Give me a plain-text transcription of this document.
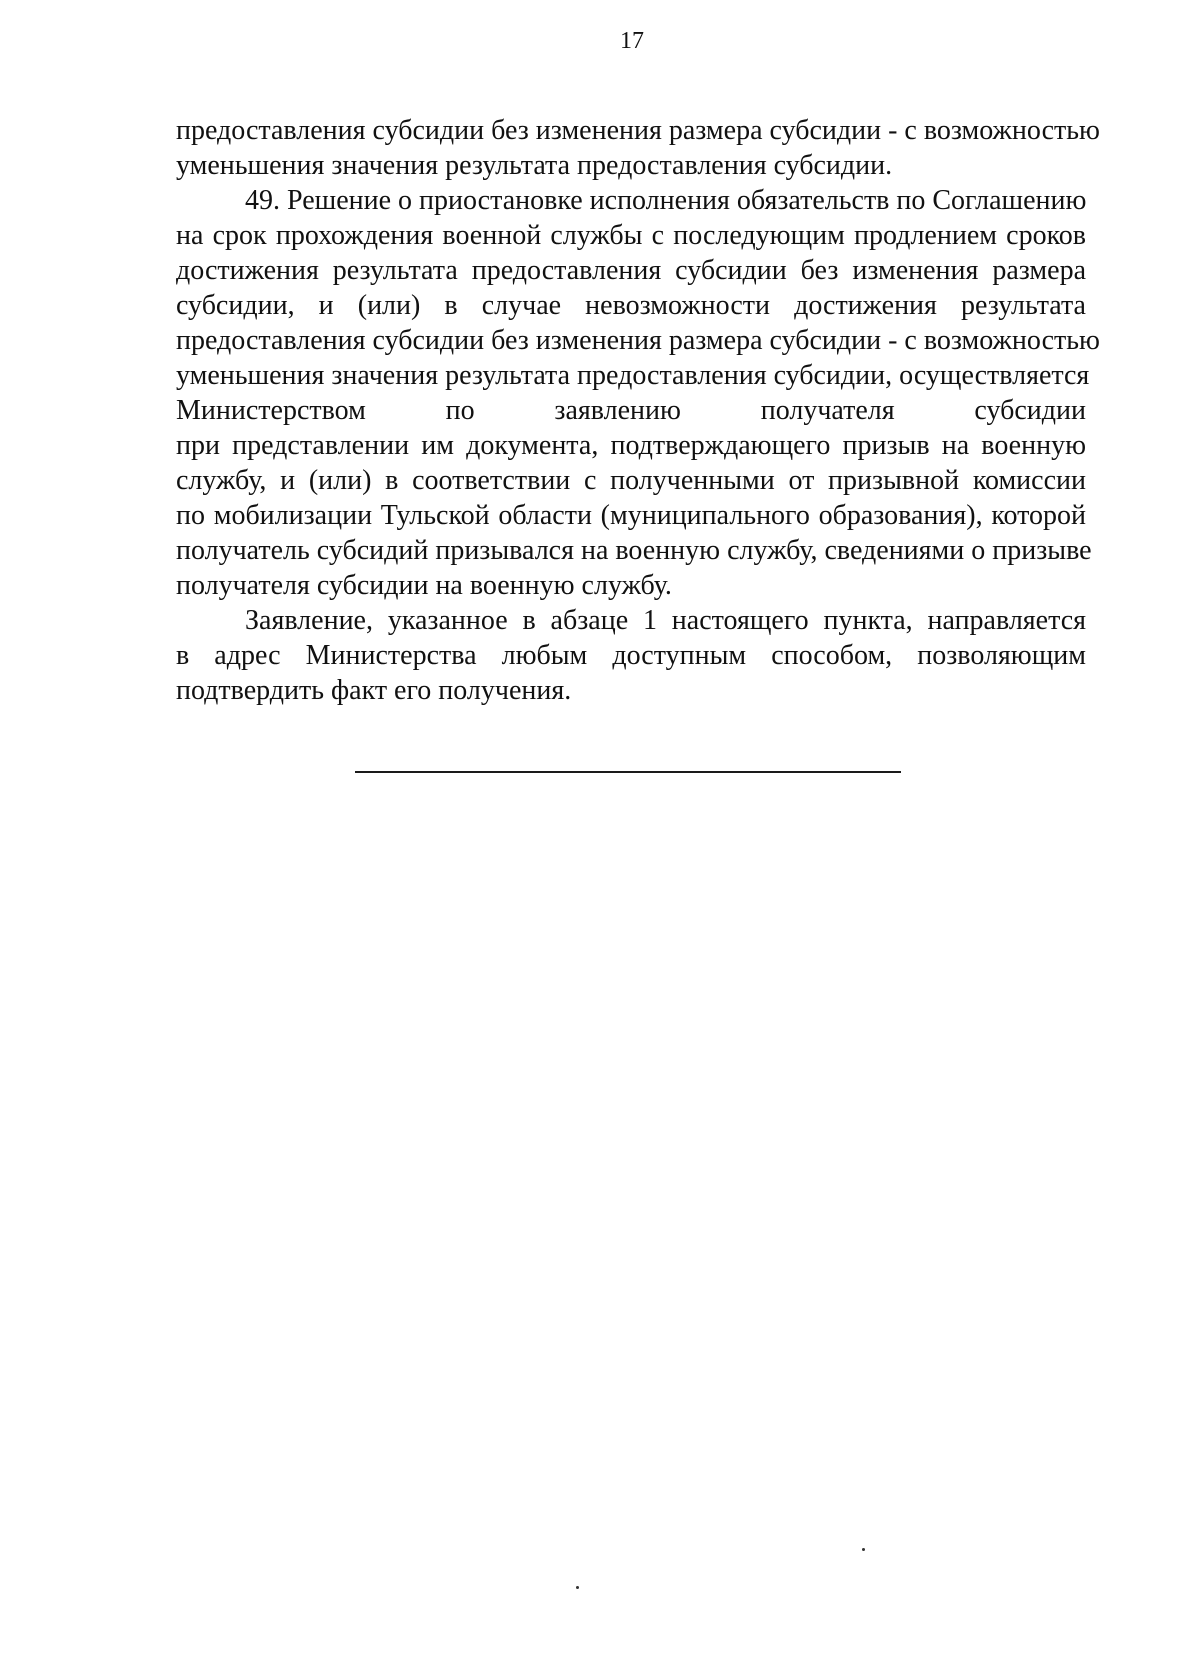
17

предоставления субсидии без изменения размера субсидии - с возможностью
уменьшения значения результата предоставления субсидии.

49. Решение о приостановке исполнения обязательств по Соглашению
на срок прохождения военной службы с последующим продлением сроков
достижения результата предоставления субсидии без изменения размера
субсидии, и (или) в случае невозможности достижения результата
предоставления субсидии без изменения размера субсидии - с возможностью
уменьшения значения результата предоставления субсидии, осуществляется
Министерством по заявлению получателя субсидии
при представлении им документа, подтверждающего призыв на военную
службу, и (или) в соответствии с полученными от призывной комиссии
по мобилизации Тульской области (муниципального образования), которой
получатель субсидий призывался на военную службу, сведениями о призыве
получателя субсидии на военную службу.

Заявление, указанное в абзаце 1 настоящего пункта, направляется
в адрес Министерства любым доступным способом, позволяющим
подтвердить факт его получения.
